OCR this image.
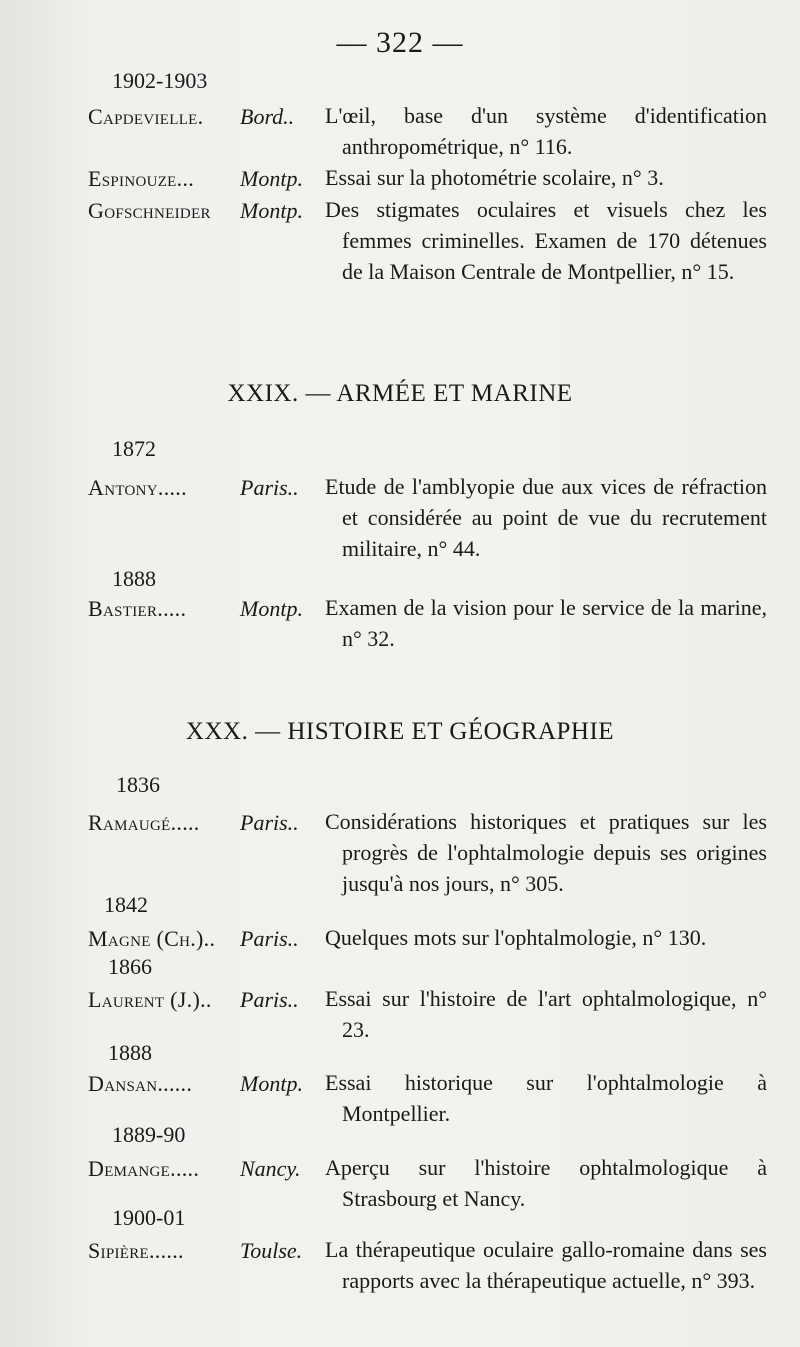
— 322 —
1902-1903
Capdevielle. Bord.. L'œil, base d'un système d'identification anthropométrique, n° 116.
Espinouze... Montp. Essai sur la photométrie scolaire, n° 3.
Gofschneider Montp. Des stigmates oculaires et visuels chez les femmes criminelles. Examen de 170 détenues de la Maison Centrale de Montpellier, n° 15.
XXIX. — ARMÉE ET MARINE
1872
Antony..... Paris.. Etude de l'amblyopie due aux vices de réfraction et considérée au point de vue du recrutement militaire, n° 44.
1888
Bastier..... Montp. Examen de la vision pour le service de la marine, n° 32.
XXX. — HISTOIRE ET GÉOGRAPHIE
1836
Ramaugé..... Paris.. Considérations historiques et pratiques sur les progrès de l'ophtalmologie depuis ses origines jusqu'à nos jours, n° 305.
1842
Magne (Ch.).. Paris.. Quelques mots sur l'ophtalmologie, n° 130.
1866
Laurent (J.).. Paris.. Essai sur l'histoire de l'art ophtalmologique, n° 23.
1888
Dansan...... Montp. Essai historique sur l'ophtalmologie à Montpellier.
1889-90
Demange..... Nancy. Aperçu sur l'histoire ophtalmologique à Strasbourg et Nancy.
1900-01
Sipière......	Toulse. La thérapeutique oculaire gallo-romaine dans ses rapports avec la thérapeutique actuelle, n° 393.
